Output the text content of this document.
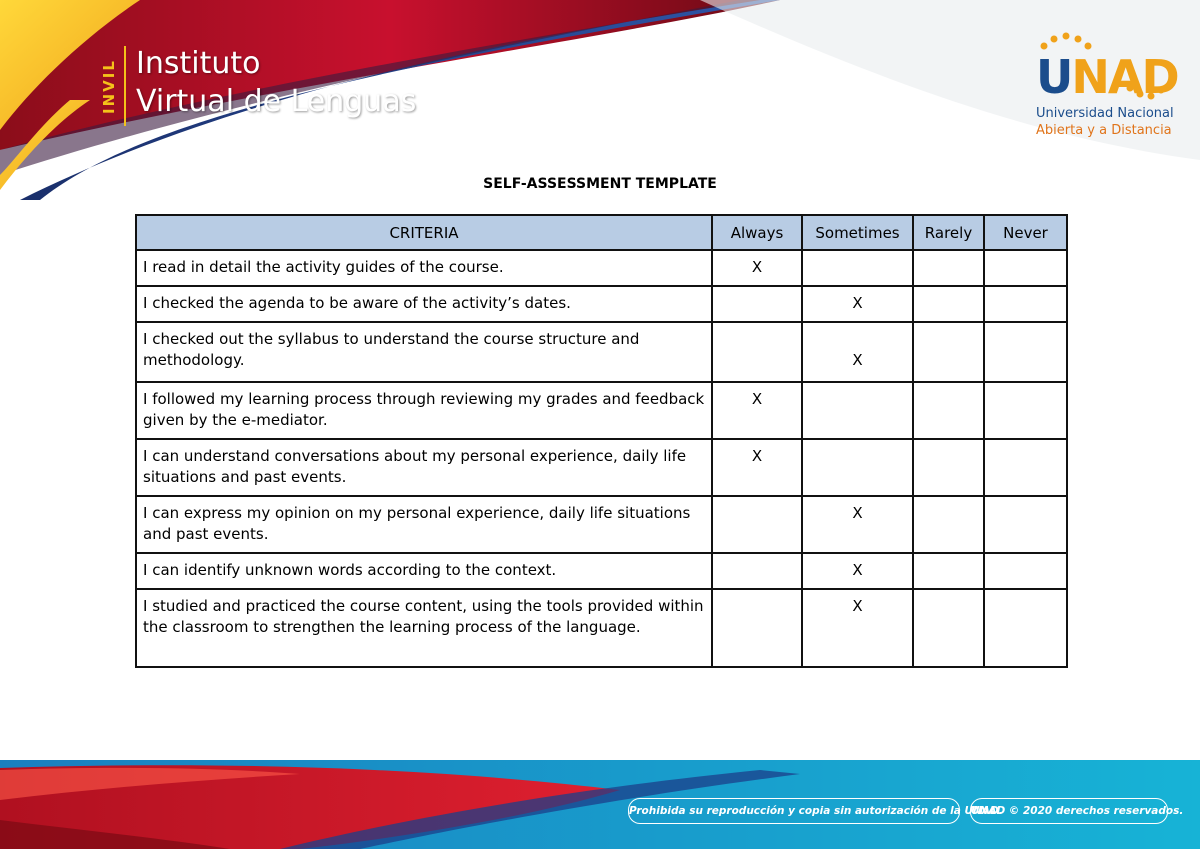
INVIL Instituto
Virtual de Lenguas	UNAD
Universidad Nacional
Abierta y a Distancia
SELF-ASSESSMENT TEMPLATE
CRITERIA	Always	Sometimes	Rarely	Never
I read in detail the activity guides of the course.	X			
I checked the agenda to be aware of the activity’s dates.		X		
I checked out the syllabus to understand the course structure and methodology.		X		
I followed my learning process through reviewing my grades and feedback given by the e-mediator.	X			
I can understand conversations about my personal experience, daily life situations and past events.	X			
I can express my opinion on my personal experience, daily life situations and past events.		X		
I can identify unknown words according to the context.		X		
I studied and practiced the course content, using the tools provided within the classroom to strengthen the learning process of the language.		X		
Prohibida su reproducción y copia sin autorización de la UNAD.
UNAD © 2020 derechos reservados.
